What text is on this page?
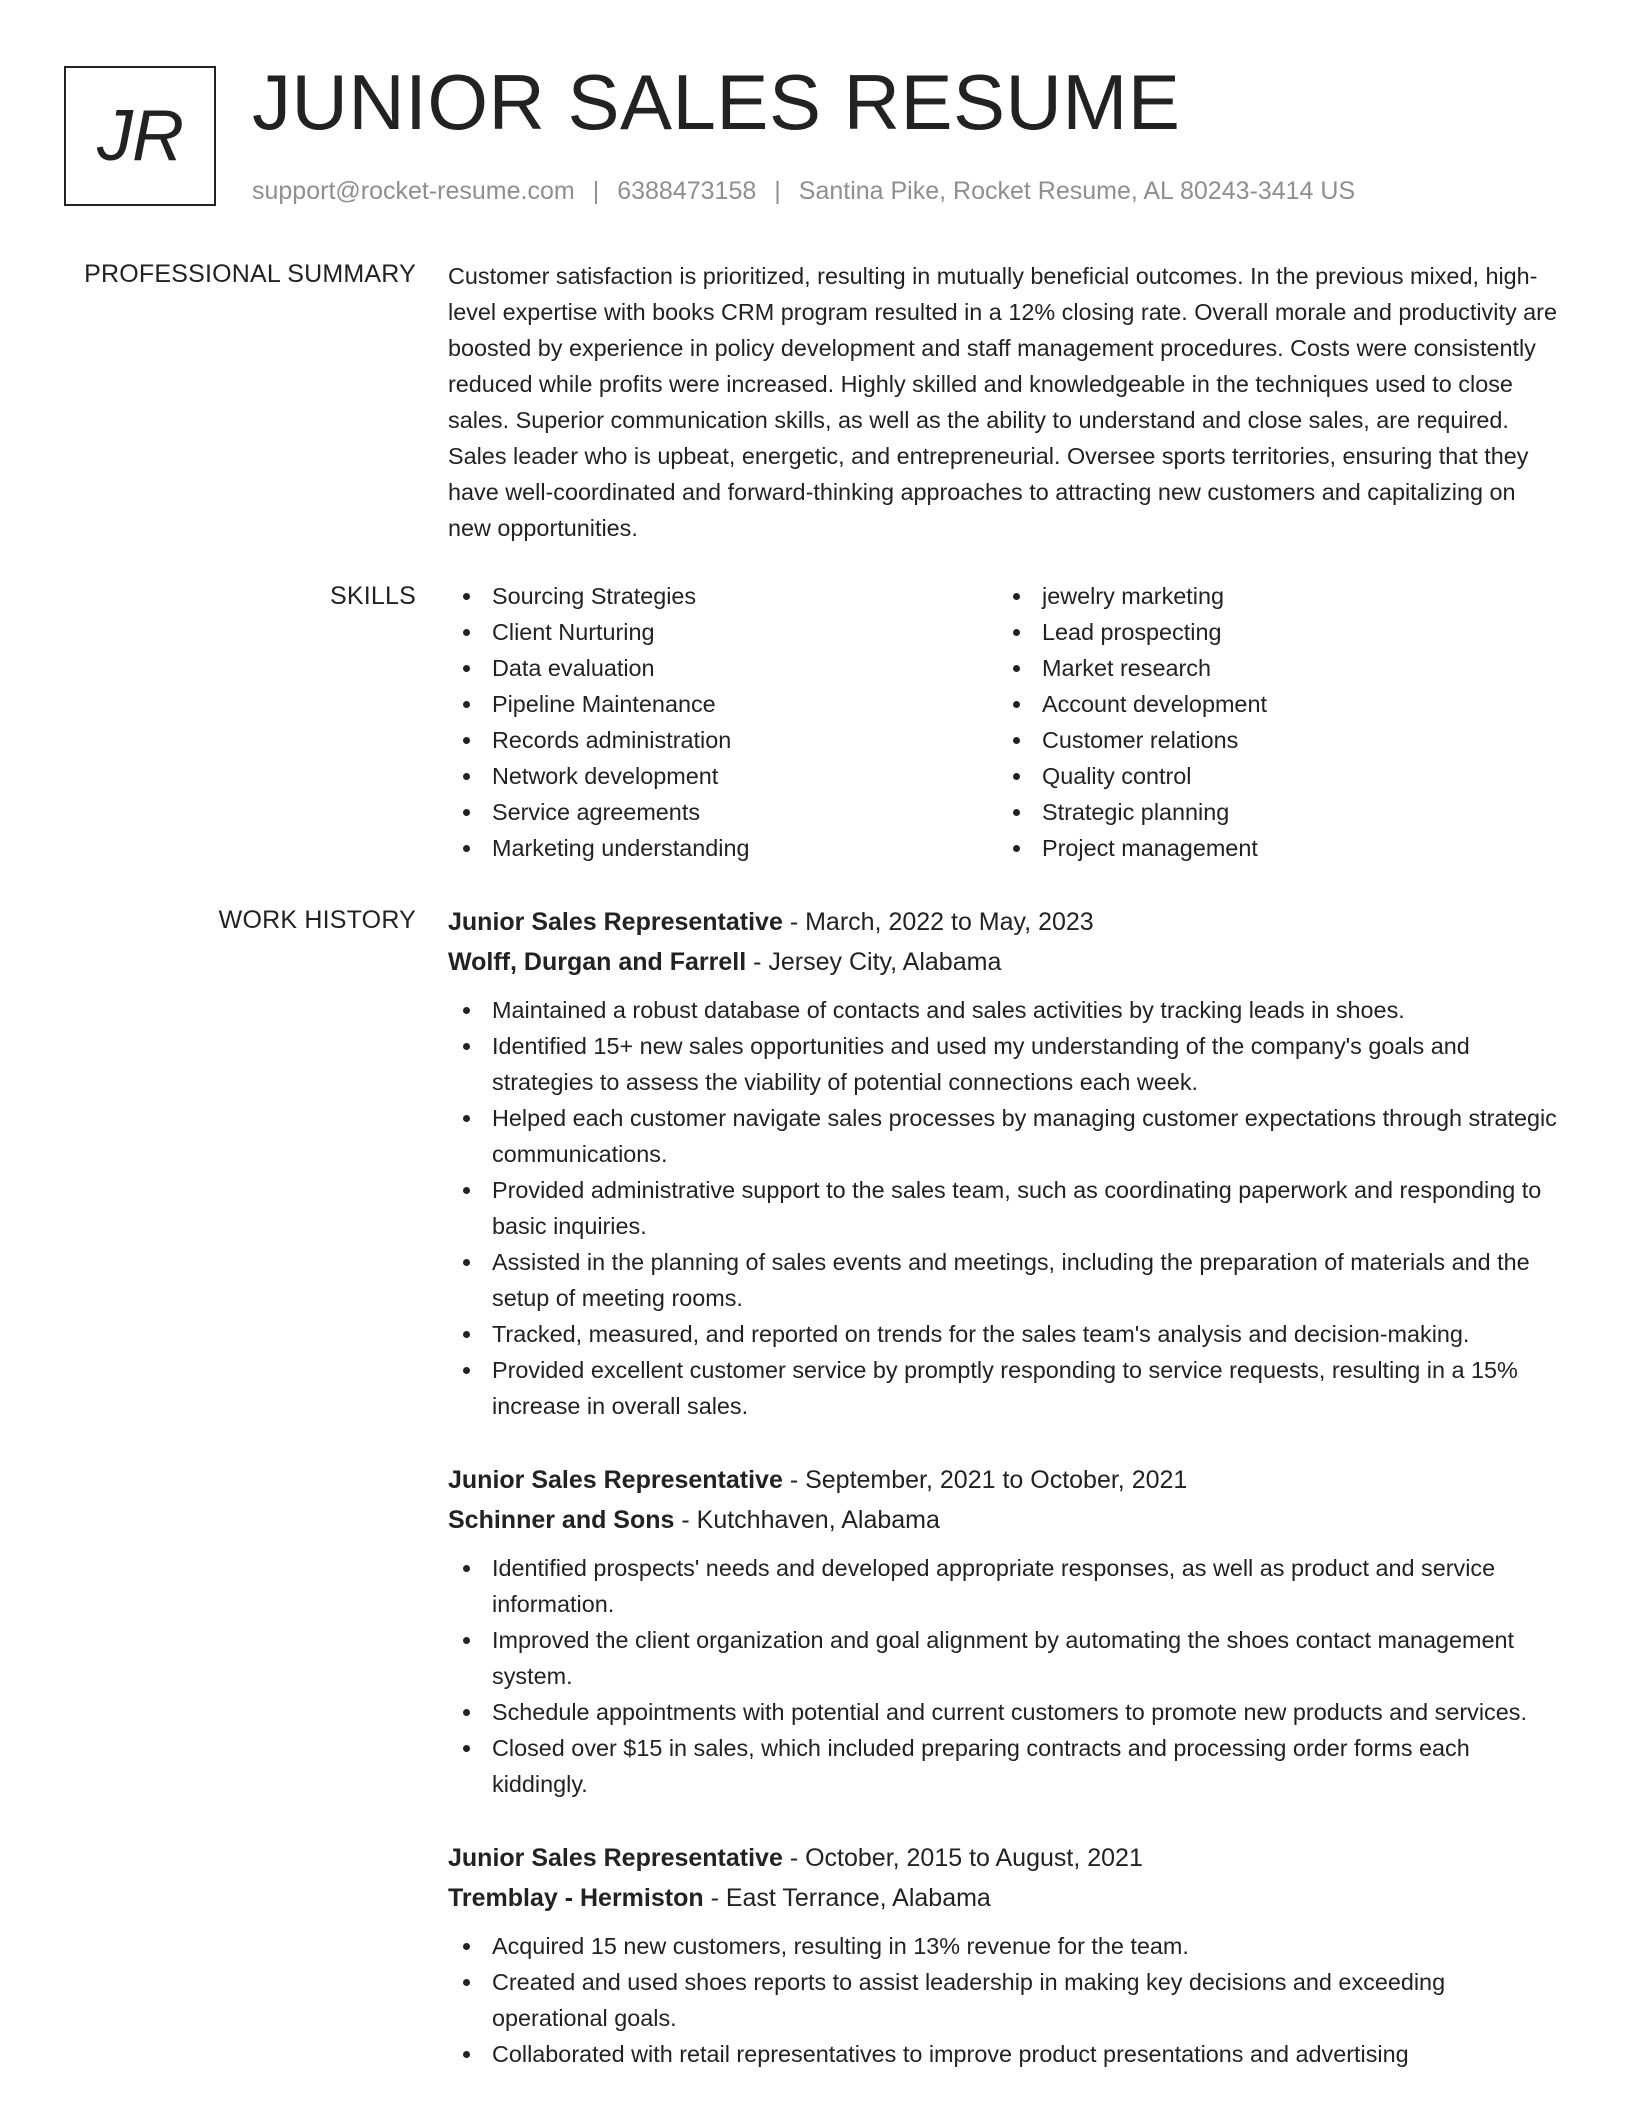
JR JUNIOR SALES RESUME
support@rocket-resume.com | 6388473158 | Santina Pike, Rocket Resume, AL 80243-3414 US
PROFESSIONAL SUMMARY Customer satisfaction is prioritized, resulting in mutually beneficial outcomes. In the previous mixed, high-level expertise with books CRM program resulted in a 12% closing rate. Overall morale and productivity are boosted by experience in policy development and staff management procedures. Costs were consistently reduced while profits were increased. Highly skilled and knowledgeable in the techniques used to close sales. Superior communication skills, as well as the ability to understand and close sales, are required. Sales leader who is upbeat, energetic, and entrepreneurial. Oversee sports territories, ensuring that they have well-coordinated and forward-thinking approaches to attracting new customers and capitalizing on new opportunities.

SKILLS	Sourcing Strategies
Client Nurturing
Data evaluation
Pipeline Maintenance
Records administration
Network development
Service agreements
Marketing understanding
jewelry marketing
Lead prospecting
Market research
Account development
Customer relations
Quality control
Strategic planning
Project management
WORK HISTORY Junior Sales Representative - March, 2022 to May, 2023
Wolff, Durgan and Farrell - Jersey City, Alabama
Maintained a robust database of contacts and sales activities by tracking leads in shoes.
Identified 15+ new sales opportunities and used my understanding of the company's goals and strategies to assess the viability of potential connections each week.
Helped each customer navigate sales processes by managing customer expectations through strategic communications.
Provided administrative support to the sales team, such as coordinating paperwork and responding to basic inquiries.
Assisted in the planning of sales events and meetings, including the preparation of materials and the setup of meeting rooms.
Tracked, measured, and reported on trends for the sales team's analysis and decision-making.
Provided excellent customer service by promptly responding to service requests, resulting in a 15% increase in overall sales.
Junior Sales Representative - September, 2021 to October, 2021
Schinner and Sons - Kutchhaven, Alabama
Identified prospects' needs and developed appropriate responses, as well as product and service information.
Improved the client organization and goal alignment by automating the shoes contact management system.
Schedule appointments with potential and current customers to promote new products and services.
Closed over $15 in sales, which included preparing contracts and processing order forms each kiddingly.
Junior Sales Representative - October, 2015 to August, 2021
Tremblay - Hermiston - East Terrance, Alabama
Acquired 15 new customers, resulting in 13% revenue for the team.
Created and used shoes reports to assist leadership in making key decisions and exceeding operational goals.
Collaborated with retail representatives to improve product presentations and advertising
